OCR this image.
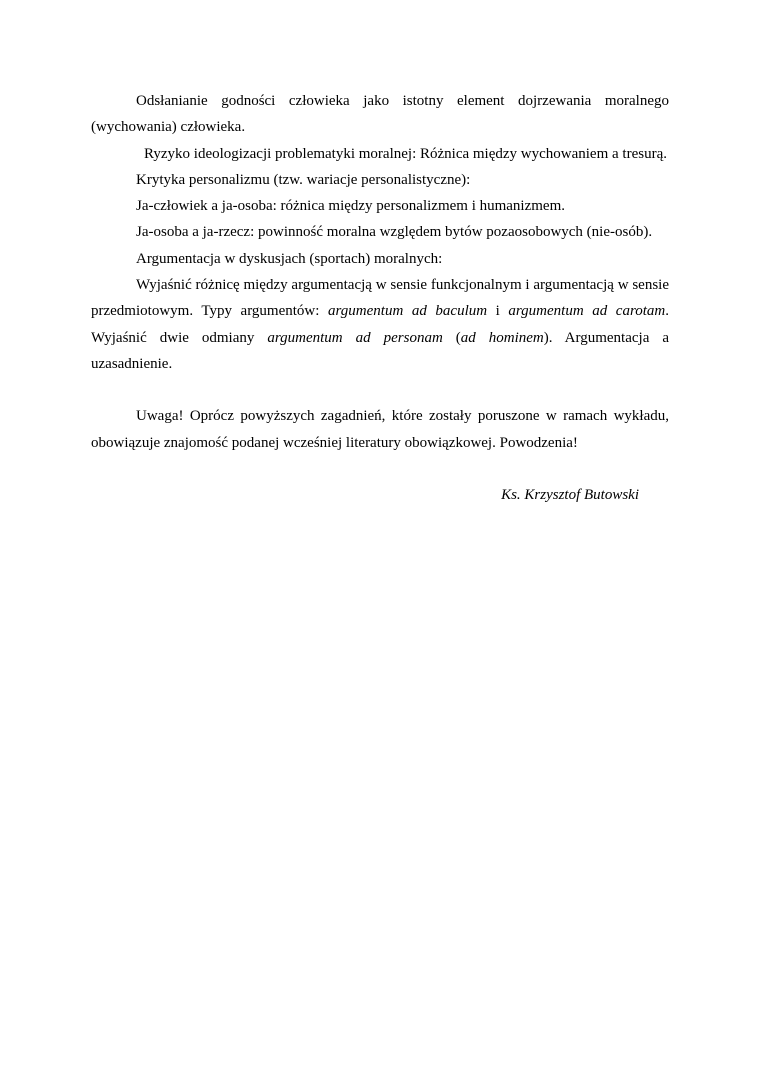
Odsłanianie godności człowieka jako istotny element dojrzewania moralnego (wychowania) człowieka.

Ryzyko ideologizacji problematyki moralnej: Różnica między wychowaniem a tresurą.

Krytyka personalizmu (tzw. wariacje personalistyczne):

Ja-człowiek a ja-osoba: różnica między personalizmem i humanizmem.

Ja-osoba a ja-rzecz: powinność moralna względem bytów pozaosobowych (nie-osób).

Argumentacja w dyskusjach (sportach) moralnych:

Wyjaśnić różnicę między argumentacją w sensie funkcjonalnym i argumentacją w sensie przedmiotowym. Typy argumentów: argumentum ad baculum i argumentum ad carotam. Wyjaśnić dwie odmiany argumentum ad personam (ad hominem). Argumentacja a uzasadnienie.

Uwaga! Oprócz powyższych zagadnień, które zostały poruszone w ramach wykładu, obowiązuje znajomość podanej wcześniej literatury obowiązkowej. Powodzenia!

Ks. Krzysztof Butowski
